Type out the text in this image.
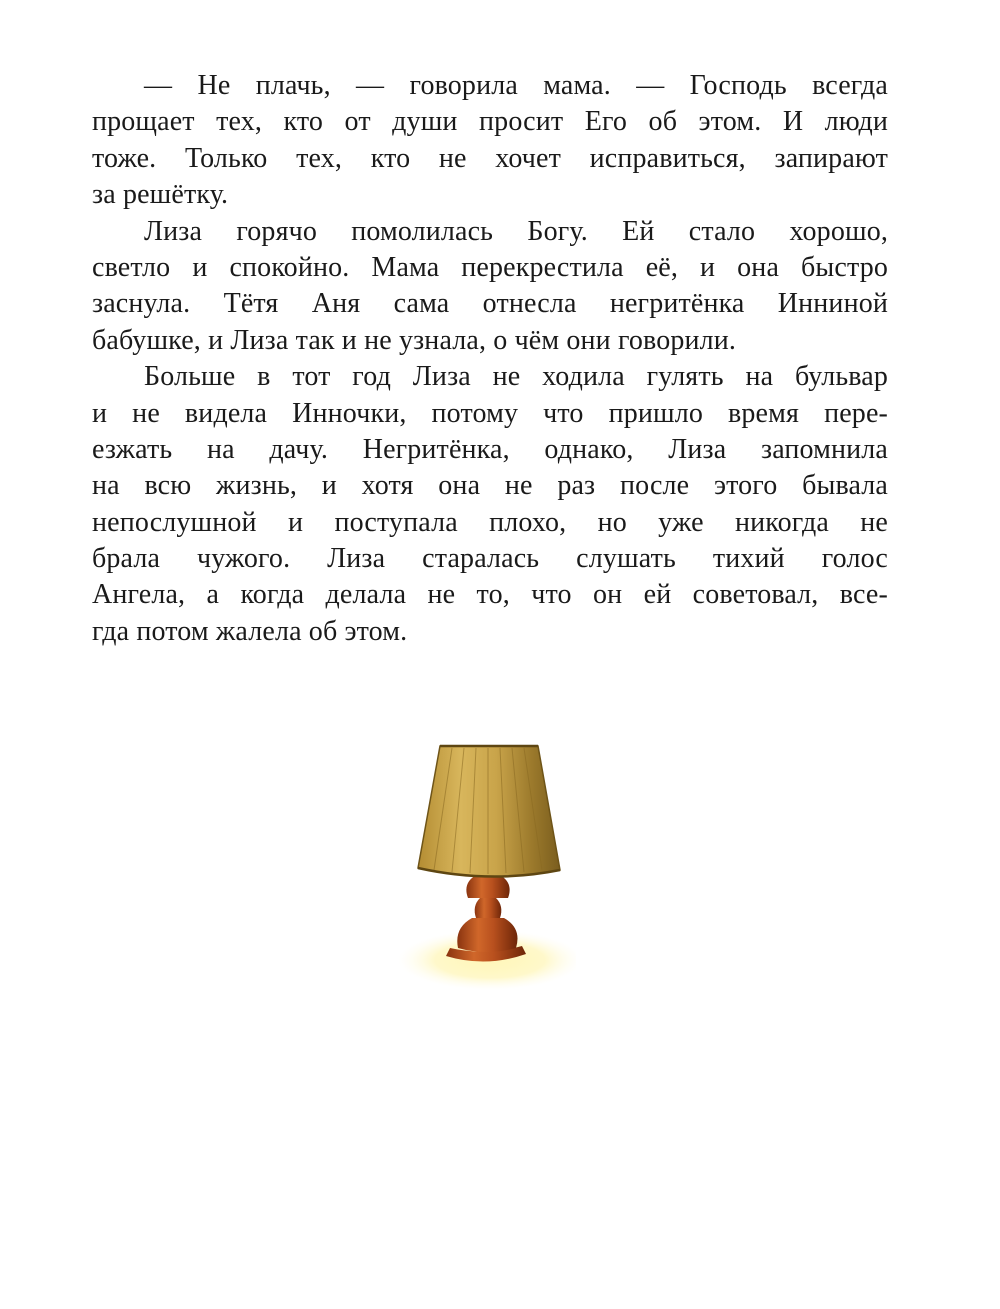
— Не плачь, — говорила мама. — Господь всегда
прощает тех, кто от души просит Его об этом. И люди
тоже. Только тех, кто не хочет исправиться, запирают
за решётку.
Лиза горячо помолилась Богу. Ей стало хорошо,
светло и спокойно. Мама перекрестила её, и она быстро
заснула. Тётя Аня сама отнесла негритёнка Инниной
бабушке, и Лиза так и не узнала, о чём они говорили.
Больше в тот год Лиза не ходила гулять на бульвар
и не видела Инночки, потому что пришло время пере-
езжать на дачу. Негритёнка, однако, Лиза запомнила
на всю жизнь, и хотя она не раз после этого бывала
непослушной и поступала плохо, но уже никогда не
брала чужого. Лиза старалась слушать тихий голос
Ангела, а когда делала не то, что он ей советовал, все-
гда потом жалела об этом.
